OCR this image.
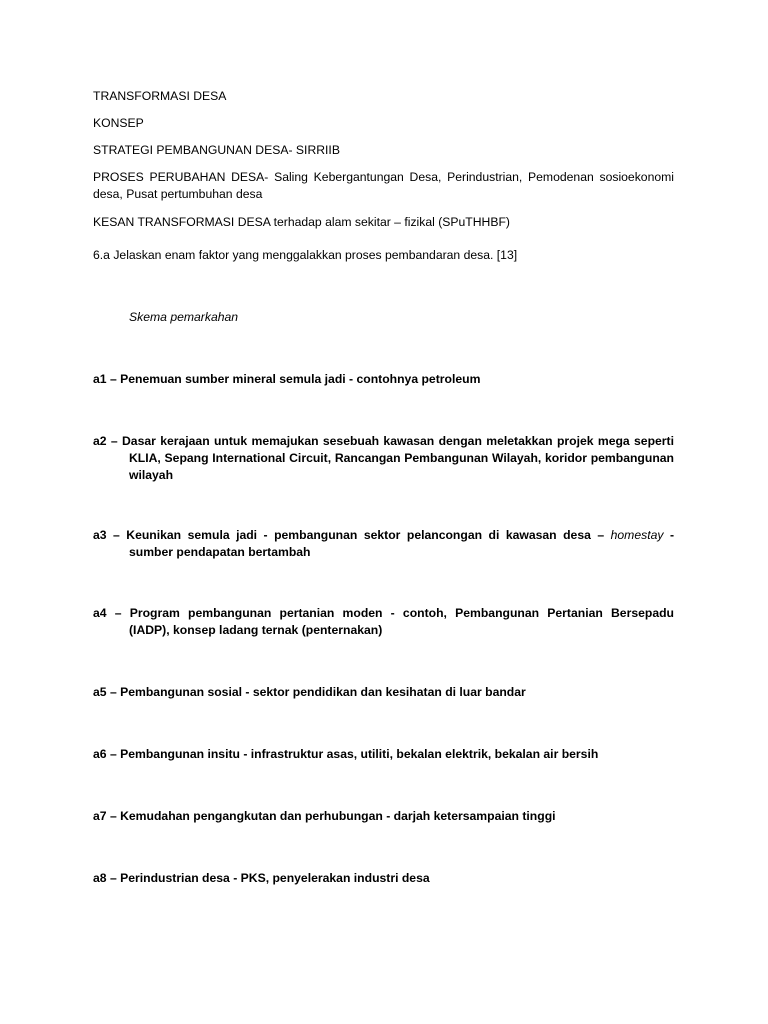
TRANSFORMASI DESA
KONSEP
STRATEGI PEMBANGUNAN DESA- SIRRIIB
PROSES PERUBAHAN DESA- Saling Kebergantungan Desa, Perindustrian, Pemodenan sosioekonomi
desa, Pusat pertumbuhan desa
KESAN TRANSFORMASI DESA terhadap alam sekitar – fizikal (SPuTHHBF)
6.a Jelaskan enam faktor yang menggalakkan proses pembandaran desa. [13]
Skema pemarkahan
a1 – Penemuan sumber mineral semula jadi - contohnya petroleum
a2 – Dasar kerajaan untuk memajukan sesebuah kawasan dengan meletakkan projek mega seperti
KLIA, Sepang International Circuit, Rancangan Pembangunan Wilayah, koridor pembangunan
wilayah
a3 – Keunikan semula jadi - pembangunan sektor pelancongan di kawasan desa – homestay -
sumber pendapatan bertambah
a4 – Program pembangunan pertanian moden - contoh, Pembangunan Pertanian Bersepadu
(IADP), konsep ladang ternak (penternakan)
a5 – Pembangunan sosial - sektor pendidikan dan kesihatan di luar bandar
a6 – Pembangunan insitu - infrastruktur asas, utiliti, bekalan elektrik, bekalan air bersih
a7 – Kemudahan pengangkutan dan perhubungan - darjah ketersampaian tinggi
a8 – Perindustrian desa - PKS, penyelerakan industri desa
